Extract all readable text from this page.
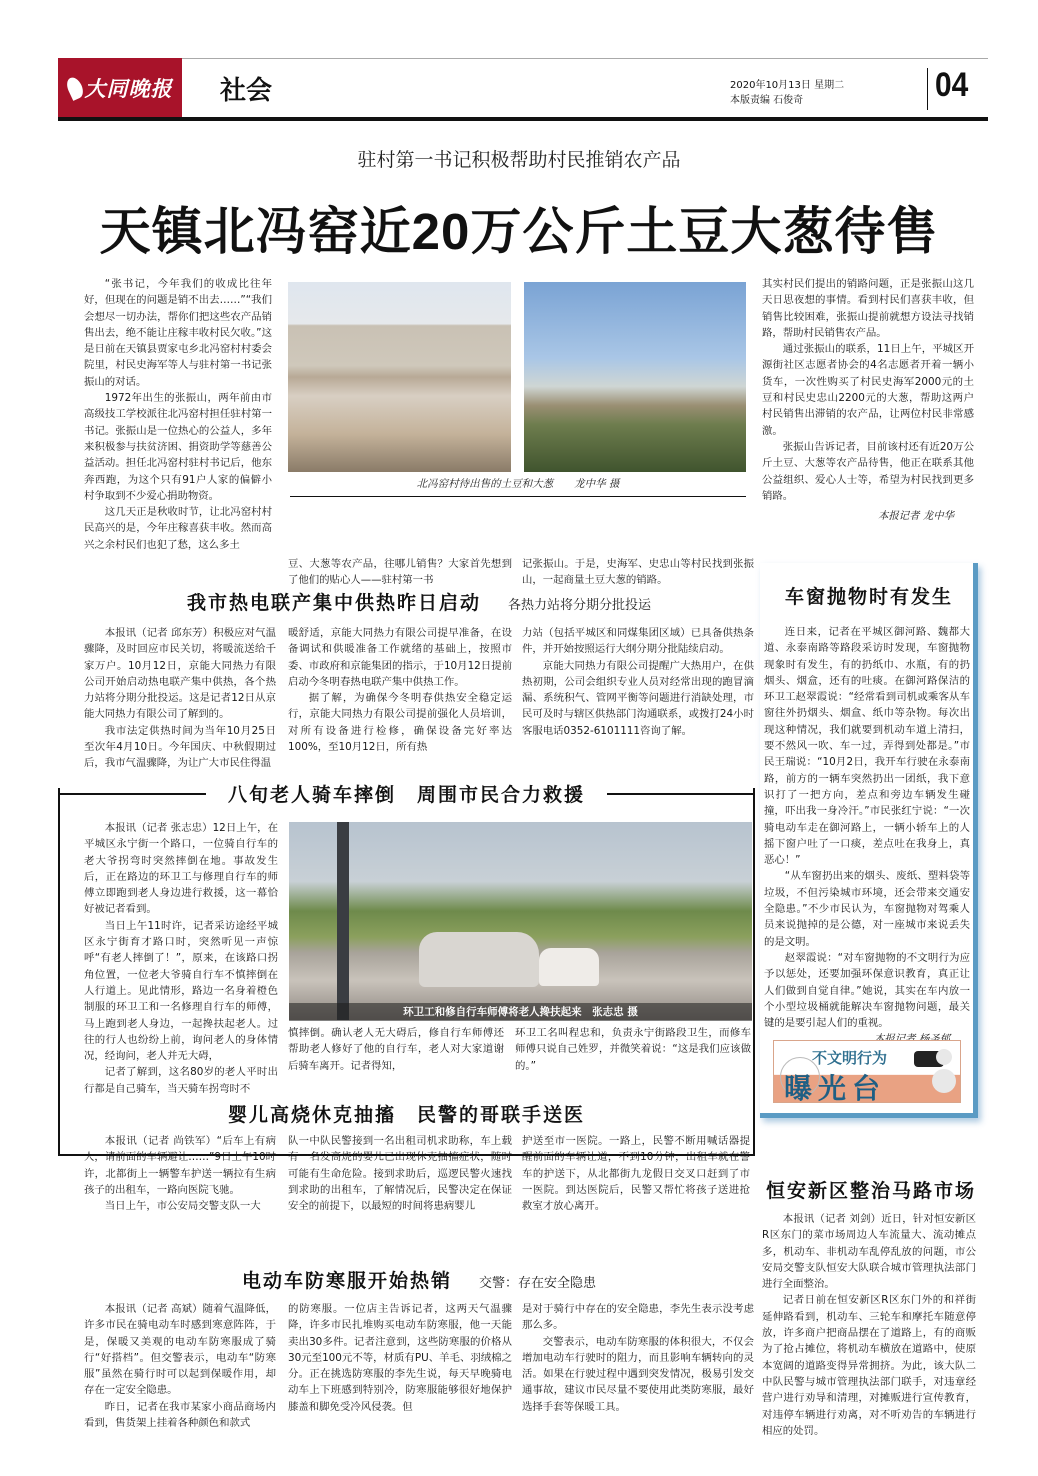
大同晚报 社会	2020年10月13日 星期二
本版责编 石俊奇	04
驻村第一书记积极帮助村民推销农产品
天镇北冯窑近20万公斤土豆大葱待售

“张书记，今年我们的收成比往年好，但现在的问题是销不出去……”“我们会想尽一切办法，帮你们把这些农产品销售出去，绝不能让庄稼丰收村民欠收。”这是日前在天镇县贾家屯乡北冯窑村村委会院里，村民史海军等人与驻村第一书记张振山的对话。

1972年出生的张振山，两年前由市高级技工学校派往北冯窑村担任驻村第一书记。张振山是一位热心的公益人，多年来积极参与扶贫济困、捐资助学等慈善公益活动。担任北冯窑村驻村书记后，他东奔西跑，为这个只有91户人家的偏僻小村争取到不少爱心捐助物资。

这几天正是秋收时节，让北冯窑村村民高兴的是，今年庄稼喜获丰收。然而高兴之余村民们也犯了愁，这么多土

北冯窑村待出售的土豆和大葱　　龙中华 摄

豆、大葱等农产品，往哪儿销售？大家首先想到了他们的贴心人——驻村第一书

记张振山。于是，史海军、史忠山等村民找到张振山，一起商量土豆大葱的销路。

其实村民们提出的销路问题，正是张振山这几天日思夜想的事情。看到村民们喜获丰收，但销售比较困难，张振山提前就想方设法寻找销路，帮助村民销售农产品。

通过张振山的联系，11日上午，平城区开源街社区志愿者协会的4名志愿者开着一辆小货车，一次性购买了村民史海军2000元的土豆和村民史忠山2200元的大葱，帮助这两户村民销售出滞销的农产品，让两位村民非常感激。

张振山告诉记者，目前该村还有近20万公斤土豆、大葱等农产品待售，他正在联系其他公益组织、爱心人士等，希望为村民找到更多销路。

本报记者 龙中华
我市热电联产集中供热昨日启动 各热力站将分期分批投运

本报讯（记者 邱东芳）积极应对气温骤降，及时回应市民关切，将暖流送给千家万户。10月12日，京能大同热力有限公司开始启动热电联产集中供热，各个热力站将分期分批投运。这是记者12日从京能大同热力有限公司了解到的。

我市法定供热时间为当年10月25日至次年4月10日。今年国庆、中秋假期过后，我市气温骤降，为让广大市民住得温

暖舒适，京能大同热力有限公司提早准备，在设备调试和供暖准备工作就绪的基础上，按照市委、市政府和京能集团的指示，于10月12日提前启动今冬明春热电联产集中供热工作。

据了解，为确保今冬明春供热安全稳定运行，京能大同热力有限公司提前强化人员培训，对所有设备进行检修，确保设备完好率达100%，至10月12日，所有热

力站（包括平城区和同煤集团区域）已具备供热条件，并开始按照运行大纲分期分批陆续启动。

京能大同热力有限公司提醒广大热用户，在供热初期，公司会组织专业人员对经常出现的跑冒滴漏、系统积气、管网平衡等问题进行消缺处理，市民可及时与辖区供热部门沟通联系，或拨打24小时客服电话0352-6101111咨询了解。

八旬老人骑车摔倒　周围市民合力救援

本报讯（记者 张志忠）12日上午，在平城区永宁街一个路口，一位骑自行车的老大爷拐弯时突然摔倒在地。事故发生后，正在路边的环卫工与修理自行车的师傅立即跑到老人身边进行救援，这一幕恰好被记者看到。

当日上午11时许，记者采访途经平城区永宁街育才路口时，突然听见一声惊呼“有老人摔倒了！”，原来，在该路口拐角位置，一位老大爷骑自行车不慎摔倒在人行道上。见此情形，路边一名身着橙色制服的环卫工和一名修理自行车的师傅，马上跑到老人身边，一起搀扶起老人。过往的行人也纷纷上前，询问老人的身体情况，经询问，老人并无大碍，

记者了解到，这名80岁的老人平时出行都是自己骑车，当天骑车拐弯时不

环卫工和修自行车师傅将老人搀扶起来　张志忠 摄

慎摔倒。确认老人无大碍后，修自行车师傅还帮助老人修好了他的自行车，老人对大家道谢后骑车离开。记者得知，

环卫工名叫程忠和，负责永宁街路段卫生，而修车师傅只说自己姓罗，并微笑着说：“这是我们应该做的。”

婴儿高烧休克抽搐　民警的哥联手送医

本报讯（记者 尚铁军）“后车上有病人，请前面的车辆避让……”9日上午10时许，北都街上一辆警车护送一辆拉有生病孩子的出租车，一路向医院飞驰。

当日上午，市公安局交警支队一大

队一中队民警接到一名出租司机求助称，车上载有一名发高烧的婴儿已出现休克抽搐症状，随时可能有生命危险。接到求助后，巡逻民警火速找到求助的出租车，了解情况后，民警决定在保证安全的前提下，以最短的时间将患病婴儿

护送至市一医院。一路上，民警不断用喊话器提醒前面的车辆让道，不到10分钟，出租车就在警车的护送下，从北都街九龙假日交叉口赶到了市一医院。到达医院后，民警又帮忙将孩子送进抢救室才放心离开。

电动车防寒服开始热销 交警：存在安全隐患

本报讯（记者 高斌）随着气温降低，许多市民在骑电动车时感到寒意阵阵，于是，保暖又美观的电动车防寒服成了骑行“好搭档”。但交警表示，电动车“防寒服”虽然在骑行时可以起到保暖作用，却存在一定安全隐患。

昨日，记者在我市某家小商品商场内看到，售货架上挂着各种颜色和款式

的防寒服。一位店主告诉记者，这两天气温骤降，许多市民扎堆购买电动车防寒服，他一天能卖出30多件。记者注意到，这些防寒服的价格从30元至100元不等，材质有PU、羊毛、羽绒棉之分。正在挑选防寒服的李先生说，每天早晚骑电动车上下班感到特别冷，防寒服能够很好地保护膝盖和脚免受冷风侵袭。但

是对于骑行中存在的安全隐患，李先生表示没考虑那么多。

交警表示，电动车防寒服的体积很大，不仅会增加电动车行驶时的阻力，而且影响车辆转向的灵活。如果在行驶过程中遇到突发情况，极易引发交通事故，建议市民尽量不要使用此类防寒服，最好选择手套等保暖工具。

车窗抛物时有发生

连日来，记者在平城区御河路、魏都大道、永泰南路等路段采访时发现，车窗抛物现象时有发生，有的扔纸巾、水瓶，有的扔烟头、烟盒，还有的吐痰。在御河路保洁的环卫工赵翠霞说：“经常看到司机或乘客从车窗往外扔烟头、烟盒、纸巾等杂物。每次出现这种情况，我们就要到机动车道上清扫，要不然风一吹、车一过，弄得到处都是。”市民王瑞说：“10月2日，我开车行驶在永泰南路，前方的一辆车突然扔出一团纸，我下意识打了一把方向，差点和旁边车辆发生碰撞，吓出我一身冷汗。”市民张红宁说：“一次骑电动车走在御河路上，一辆小轿车上的人摇下窗户吐了一口痰，差点吐在我身上，真恶心！”

“从车窗扔出来的烟头、废纸、塑料袋等垃圾，不但污染城市环境，还会带来交通安全隐患。”不少市民认为，车窗抛物对驾乘人员来说抛掉的是公德，对一座城市来说丢失的是文明。

赵翠霞说：“对车窗抛物的不文明行为应予以惩处，还要加强环保意识教育，真正让人们做到自觉自律。”她说，其实在车内放一个小型垃圾桶就能解决车窗抛物问题，最关键的是要引起人们的重视。

不文明行为
曝光台
恒安新区整治马路市场

本报讯（记者 刘剑）近日，针对恒安新区R区东门的菜市场周边人车流量大、流动摊点多，机动车、非机动车乱停乱放的问题，市公安局交警支队恒安大队联合城市管理执法部门进行全面整治。

记者日前在恒安新区R区东门外的和祥街延伸路看到，机动车、三轮车和摩托车随意停放，许多商户把商品摆在了道路上，有的商贩为了抢占摊位，将机动车横放在道路中，使原本宽阔的道路变得异常拥挤。为此，该大队二中队民警与城市管理执法部门联手，对违章经营户进行劝导和清理，对摊贩进行宣传教育，对违停车辆进行劝离，对不听劝告的车辆进行相应的处罚。
